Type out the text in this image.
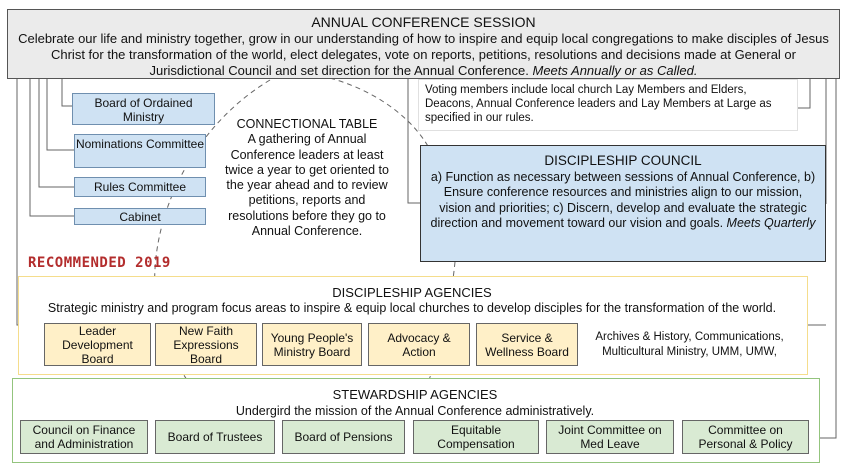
ANNUAL CONFERENCE SESSION
Celebrate our life and ministry together, grow in our understanding of how to inspire and equip local congregations to make disciples of Jesus Christ for the transformation of the world, elect delegates, vote on reports, petitions, resolutions and decisions made at General or Jurisdictional Council and set direction for the Annual Conference. Meets Annually or as Called.
Voting members include local church Lay Members and Elders, Deacons, Annual Conference leaders and Lay Members at Large as specified in our rules.
Board of Ordained Ministry
Nominations Committee
Rules Committee
Cabinet
CONNECTIONAL TABLE
A gathering of Annual Conference leaders at least twice a year to get oriented to the year ahead and to review petitions, reports and resolutions before they go to Annual Conference.
DISCIPLESHIP COUNCIL
a) Function as necessary between sessions of Annual Conference, b) Ensure conference resources and ministries align to our mission, vision and priorities; c) Discern, develop and evaluate the strategic direction and movement toward our vision and goals. Meets Quarterly
RECOMMENDED 2019
DISCIPLESHIP AGENCIES
Strategic ministry and program focus areas to inspire & equip local churches to develop disciples for the transformation of the world.
Leader Development Board
New Faith Expressions Board
Young People's Ministry Board
Advocacy & Action
Service & Wellness Board
Archives & History, Communications, Multicultural Ministry, UMM, UMW,
STEWARDSHIP AGENCIES
Undergird the mission of the Annual Conference administratively.
Council on Finance and Administration	Board of Trustees	Board of Pensions	Equitable Compensation
Joint Committee on Med Leave
Committee on Personal & Policy
